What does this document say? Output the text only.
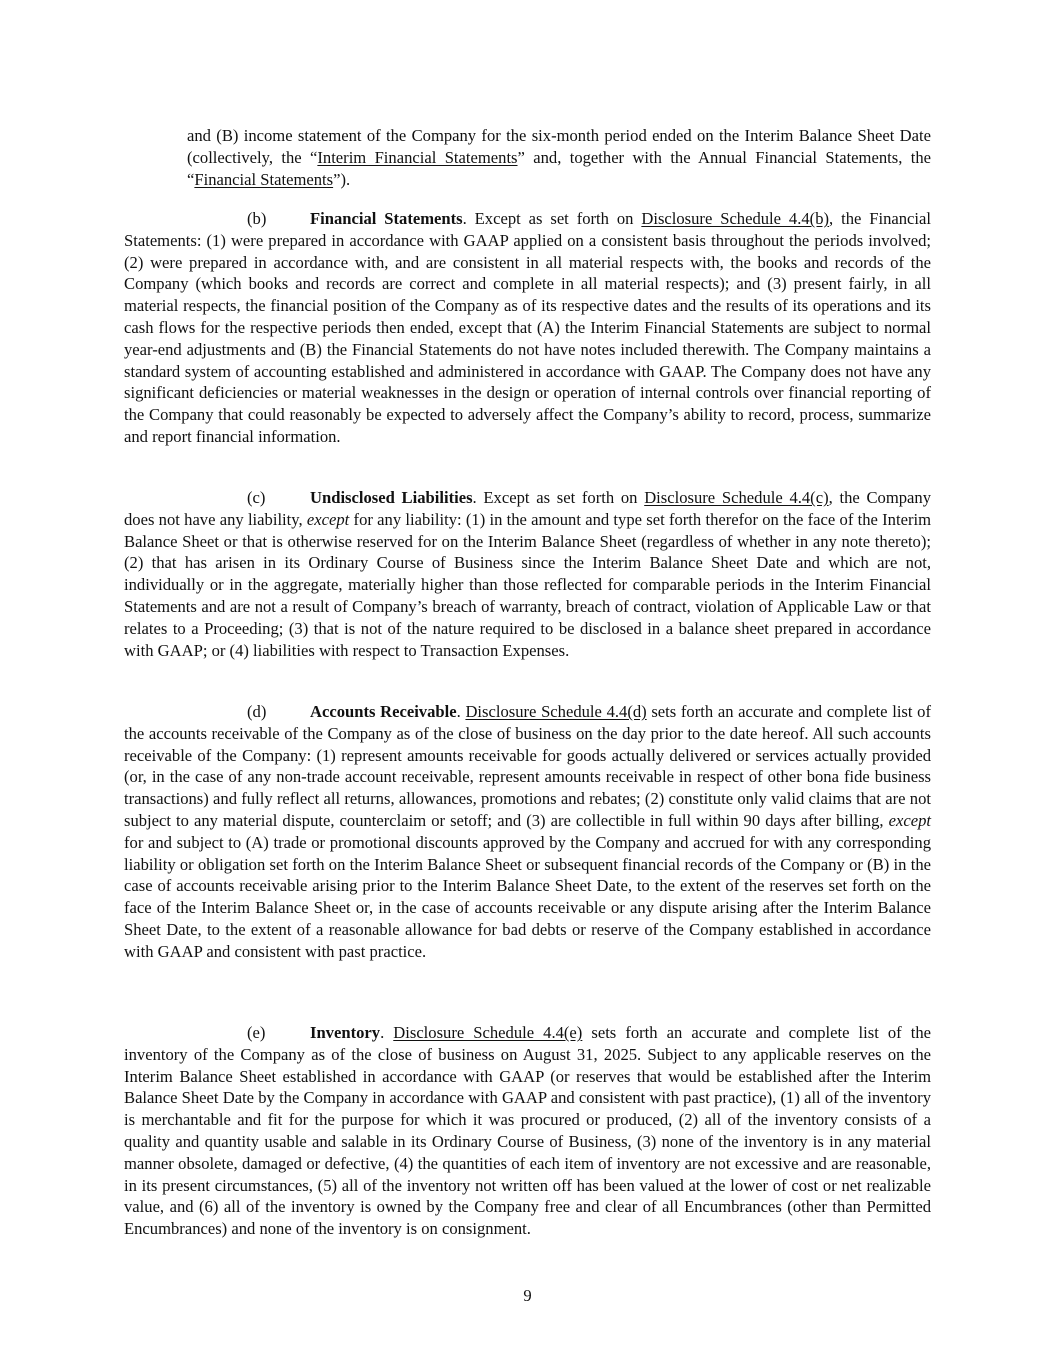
and (B) income statement of the Company for the six-month period ended on the Interim Balance Sheet Date (collectively, the “Interim Financial Statements” and, together with the Annual Financial Statements, the “Financial Statements”).

(b)	Financial Statements. Except as set forth on Disclosure Schedule 4.4(b), the Financial Statements: (1) were prepared in accordance with GAAP applied on a consistent basis throughout the periods involved; (2) were prepared in accordance with, and are consistent in all material respects with, the books and records of the Company (which books and records are correct and complete in all material respects); and (3) present fairly, in all material respects, the financial position of the Company as of its respective dates and the results of its operations and its cash flows for the respective periods then ended, except that (A) the Interim Financial Statements are subject to normal year-end adjustments and (B) the Financial Statements do not have notes included therewith. The Company maintains a standard system of accounting established and administered in accordance with GAAP. The Company does not have any significant deficiencies or material weaknesses in the design or operation of internal controls over financial reporting of the Company that could reasonably be expected to adversely affect the Company’s ability to record, process, summarize and report financial information.

(c)	Undisclosed Liabilities. Except as set forth on Disclosure Schedule 4.4(c), the Company does not have any liability, except for any liability: (1) in the amount and type set forth therefor on the face of the Interim Balance Sheet or that is otherwise reserved for on the Interim Balance Sheet (regardless of whether in any note thereto); (2) that has arisen in its Ordinary Course of Business since the Interim Balance Sheet Date and which are not, individually or in the aggregate, materially higher than those reflected for comparable periods in the Interim Financial Statements and are not a result of Company’s breach of warranty, breach of contract, violation of Applicable Law or that relates to a Proceeding; (3) that is not of the nature required to be disclosed in a balance sheet prepared in accordance with GAAP; or (4) liabilities with respect to Transaction Expenses.

(d)	Accounts Receivable. Disclosure Schedule 4.4(d) sets forth an accurate and complete list of the accounts receivable of the Company as of the close of business on the day prior to the date hereof. All such accounts receivable of the Company: (1) represent amounts receivable for goods actually delivered or services actually provided (or, in the case of any non-trade account receivable, represent amounts receivable in respect of other bona fide business transactions) and fully reflect all returns, allowances, promotions and rebates; (2) constitute only valid claims that are not subject to any material dispute, counterclaim or setoff; and (3) are collectible in full within 90 days after billing, except for and subject to (A) trade or promotional discounts approved by the Company and accrued for with any corresponding liability or obligation set forth on the Interim Balance Sheet or subsequent financial records of the Company or (B) in the case of accounts receivable arising prior to the Interim Balance Sheet Date, to the extent of the reserves set forth on the face of the Interim Balance Sheet or, in the case of accounts receivable or any dispute arising after the Interim Balance Sheet Date, to the extent of a reasonable allowance for bad debts or reserve of the Company established in accordance with GAAP and consistent with past practice.

(e)	Inventory. Disclosure Schedule 4.4(e) sets forth an accurate and complete list of the inventory of the Company as of the close of business on August 31, 2025. Subject to any applicable reserves on the Interim Balance Sheet established in accordance with GAAP (or reserves that would be established after the Interim Balance Sheet Date by the Company in accordance with GAAP and consistent with past practice), (1) all of the inventory is merchantable and fit for the purpose for which it was procured or produced, (2) all of the inventory consists of a quality and quantity usable and salable in its Ordinary Course of Business, (3) none of the inventory is in any material manner obsolete, damaged or defective, (4) the quantities of each item of inventory are not excessive and are reasonable, in its present circumstances, (5) all of the inventory not written off has been valued at the lower of cost or net realizable value, and (6) all of the inventory is owned by the Company free and clear of all Encumbrances (other than Permitted Encumbrances) and none of the inventory is on consignment.

9
